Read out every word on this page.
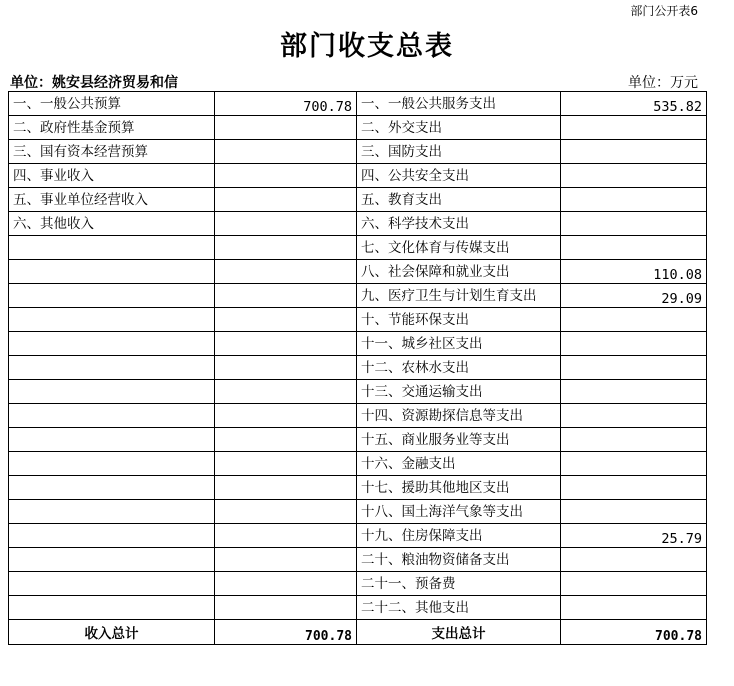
部门公开表6
部门收支总表
单位：姚安县经济贸易和信	单位：万元
一、一般公共预算	700.78	一、一般公共服务支出	535.82
二、政府性基金预算		二、外交支出	
三、国有资本经营预算		三、国防支出	
四、事业收入		四、公共安全支出	
五、事业单位经营收入		五、教育支出	
六、其他收入		六、科学技术支出	
		七、文化体育与传媒支出	
		八、社会保障和就业支出	110.08
		九、医疗卫生与计划生育支出	29.09
		十、节能环保支出	
		十一、城乡社区支出	
		十二、农林水支出	
		十三、交通运输支出	
		十四、资源勘探信息等支出	
		十五、商业服务业等支出	
		十六、金融支出	
		十七、援助其他地区支出	
		十八、国土海洋气象等支出	
		十九、住房保障支出	25.79
		二十、粮油物资储备支出	
		二十一、预备费	
		二十二、其他支出	
收入总计	700.78	支出总计	700.78
